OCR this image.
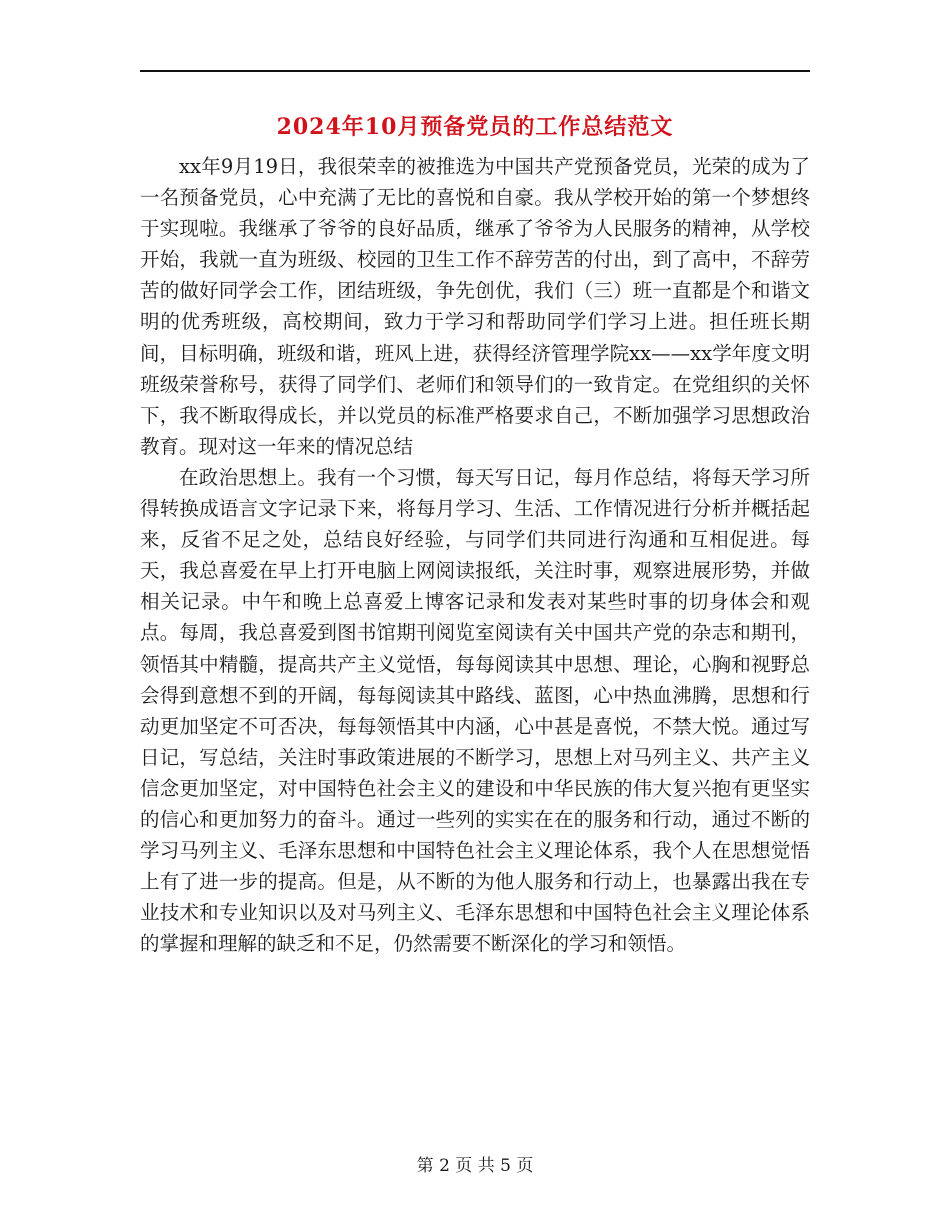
2024年10月预备党员的工作总结范文

xx年9月19日，我很荣幸的被推选为中国共产党预备党员，光荣的成为了一名预备党员，心中充满了无比的喜悦和自豪。我从学校开始的第一个梦想终于实现啦。我继承了爷爷的良好品质，继承了爷爷为人民服务的精神，从学校开始，我就一直为班级、校园的卫生工作不辞劳苦的付出，到了高中，不辞劳苦的做好同学会工作，团结班级，争先创优，我们（三）班一直都是个和谐文明的优秀班级，高校期间，致力于学习和帮助同学们学习上进。担任班长期间，目标明确，班级和谐，班风上进，获得经济管理学院xx——xx学年度文明班级荣誉称号，获得了同学们、老师们和领导们的一致肯定。在党组织的关怀下，我不断取得成长，并以党员的标准严格要求自己，不断加强学习思想政治教育。现对这一年来的情况总结

在政治思想上。我有一个习惯，每天写日记，每月作总结，将每天学习所得转换成语言文字记录下来，将每月学习、生活、工作情况进行分析并概括起来，反省不足之处，总结良好经验，与同学们共同进行沟通和互相促进。每天，我总喜爱在早上打开电脑上网阅读报纸，关注时事，观察进展形势，并做相关记录。中午和晚上总喜爱上博客记录和发表对某些时事的切身体会和观点。每周，我总喜爱到图书馆期刊阅览室阅读有关中国共产党的杂志和期刊，领悟其中精髓，提高共产主义觉悟，每每阅读其中思想、理论，心胸和视野总会得到意想不到的开阔，每每阅读其中路线、蓝图，心中热血沸腾，思想和行动更加坚定不可否决，每每领悟其中内涵，心中甚是喜悦，不禁大悦。通过写日记，写总结，关注时事政策进展的不断学习，思想上对马列主义、共产主义信念更加坚定，对中国特色社会主义的建设和中华民族的伟大复兴抱有更坚实的信心和更加努力的奋斗。通过一些列的实实在在的服务和行动，通过不断的学习马列主义、毛泽东思想和中国特色社会主义理论体系，我个人在思想觉悟上有了进一步的提高。但是，从不断的为他人服务和行动上，也暴露出我在专业技术和专业知识以及对马列主义、毛泽东思想和中国特色社会主义理论体系的掌握和理解的缺乏和不足，仍然需要不断深化的学习和领悟。

第 2 页 共 5 页
